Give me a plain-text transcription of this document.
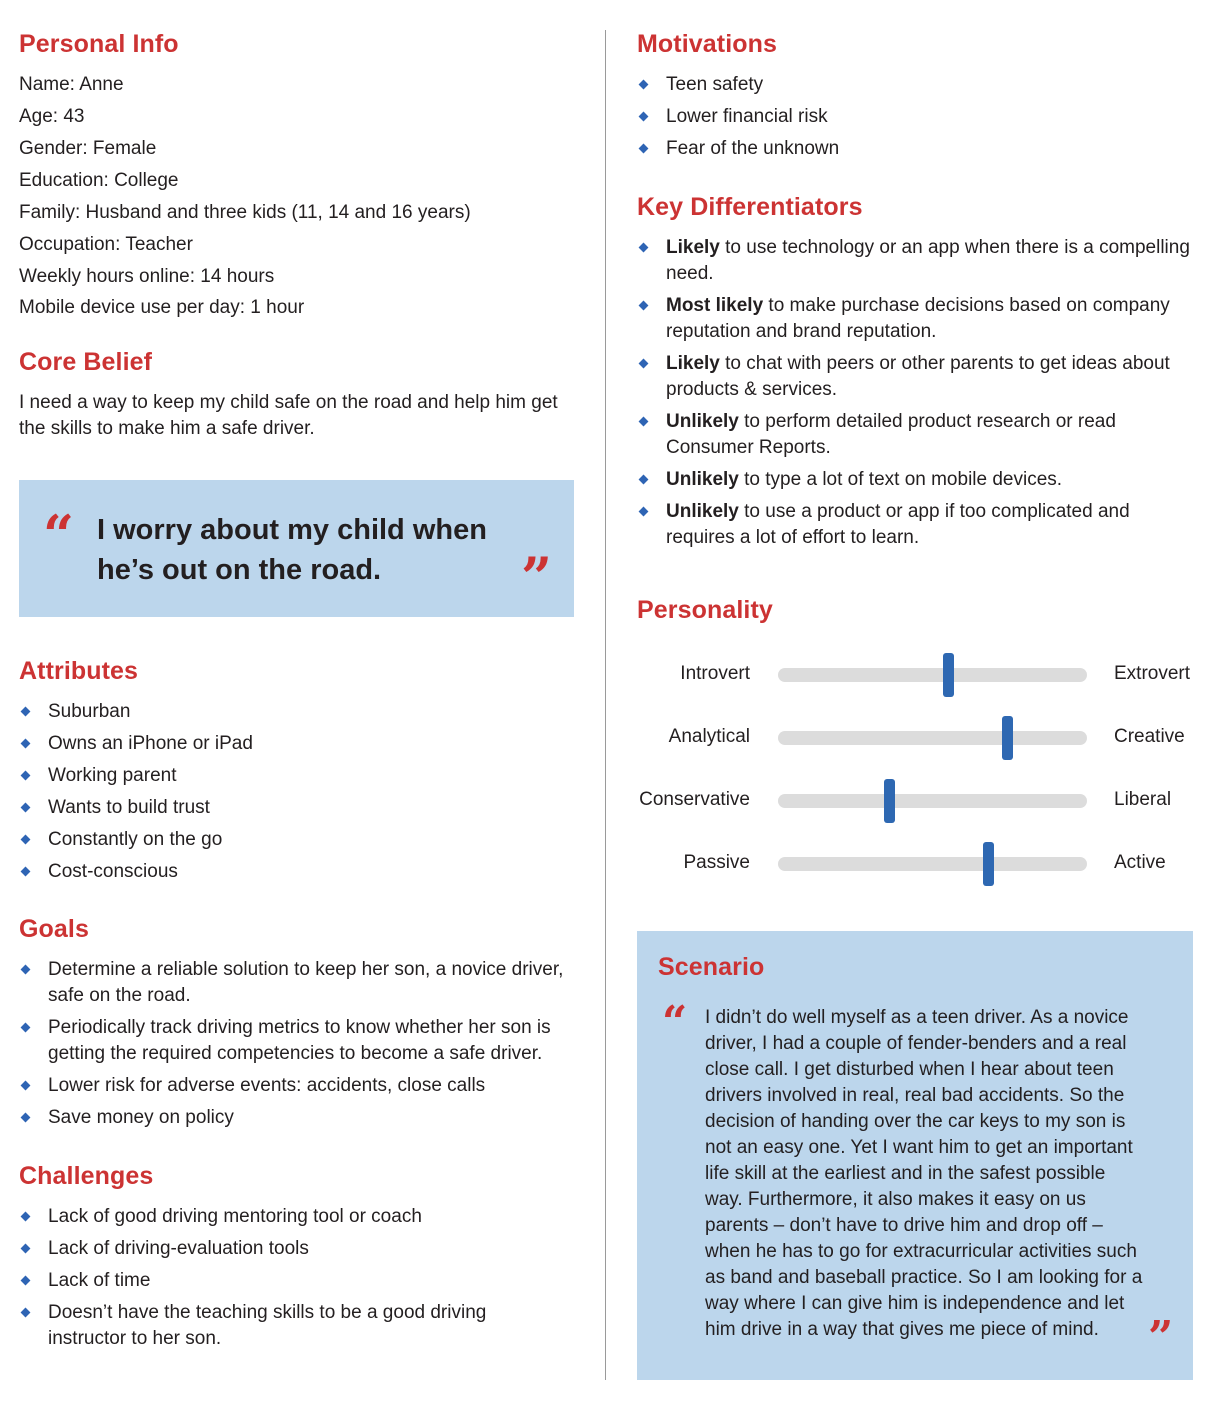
Personal Info
Name: Anne
Age: 43
Gender: Female
Education: College
Family: Husband and three kids (11, 14 and 16 years)
Occupation: Teacher
Weekly hours online: 14 hours
Mobile device use per day: 1 hour
Core Belief
I need a way to keep my child safe on the road and help him get the skills to make him a safe driver.
Attributes
Suburban
Owns an iPhone or iPad
Working parent
Wants to build trust
Constantly on the go
Cost-conscious
Goals
Determine a reliable solution to keep her son, a novice driver, safe on the road.
Periodically track driving metrics to know whether her son is getting the required competencies to become a safe driver.
Lower risk for adverse events: accidents, close calls
Save money on policy
Challenges
Lack of good driving mentoring tool or coach
Lack of driving-evaluation tools
Lack of time
Doesn’t have the teaching skills to be a good driving instructor to her son.
“ I worry about my child when he’s out on the road.	”
Motivations
Teen safety
Lower financial risk
Fear of the unknown
Key Differentiators
Likely to use technology or an app when there is a compelling need.
Most likely to make purchase decisions based on company reputation and brand reputation.
Likely to chat with peers or other parents to get ideas about products & services.
Unlikely to perform detailed product research or read Consumer Reports.
Unlikely to type a lot of text on mobile devices.
Unlikely to use a product or app if too complicated and requires a lot of effort to learn.
Personality
Introvert	Extrovert
Analytical	Creative
Conservative	Liberal
Passive	Active
Scenario
“ I didn’t do well myself as a teen driver. As a novice driver, I had a couple of fender-benders and a real close call. I get disturbed when I hear about teen drivers involved in real, real bad accidents. So the decision of handing over the car keys to my son is not an easy one. Yet I want him to get an important life skill at the earliest and in the safest possible way. Furthermore, it also makes it easy on us parents – don’t have to drive him and drop off – when he has to go for extracurricular activities such as band and baseball practice. So I am looking for a way where I can give him is independence and let him drive in a way that gives me piece of mind.	”
